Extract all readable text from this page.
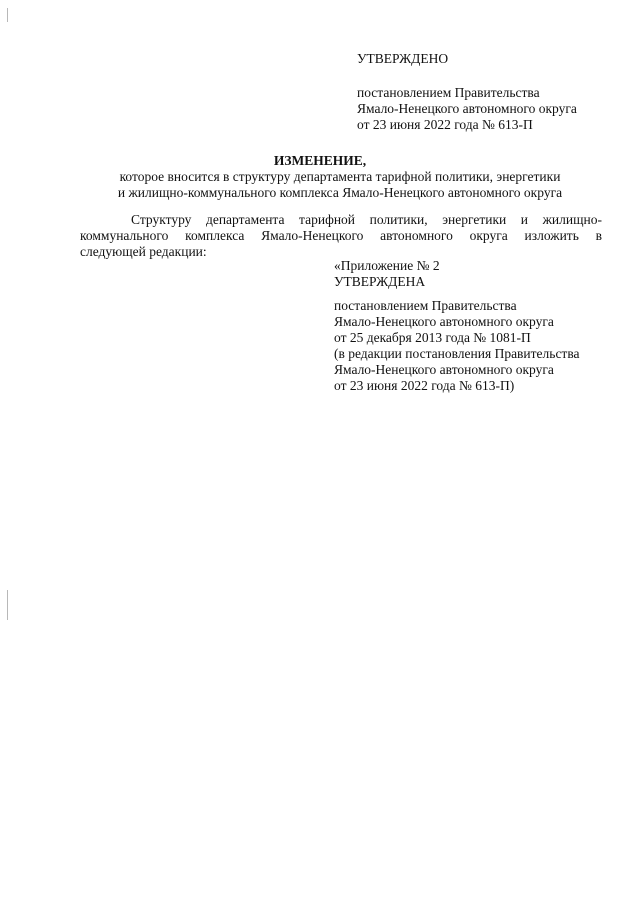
УТВЕРЖДЕНО
постановлением Правительства
Ямало-Ненецкого автономного округа
от 23 июня 2022 года № 613-П
ИЗМЕНЕНИЕ,
которое вносится в структуру департамента тарифной политики, энергетики
и жилищно-коммунального комплекса Ямало-Ненецкого автономного округа
Структуру департамента тарифной политики, энергетики и жилищно-
коммунального комплекса Ямало-Ненецкого автономного округа изложить в
следующей редакции:
«Приложение № 2
УТВЕРЖДЕНА
постановлением Правительства
Ямало-Ненецкого автономного округа
от 25 декабря 2013 года № 1081-П
(в редакции постановления Правительства
Ямало-Ненецкого автономного округа
от 23 июня 2022 года № 613-П)
